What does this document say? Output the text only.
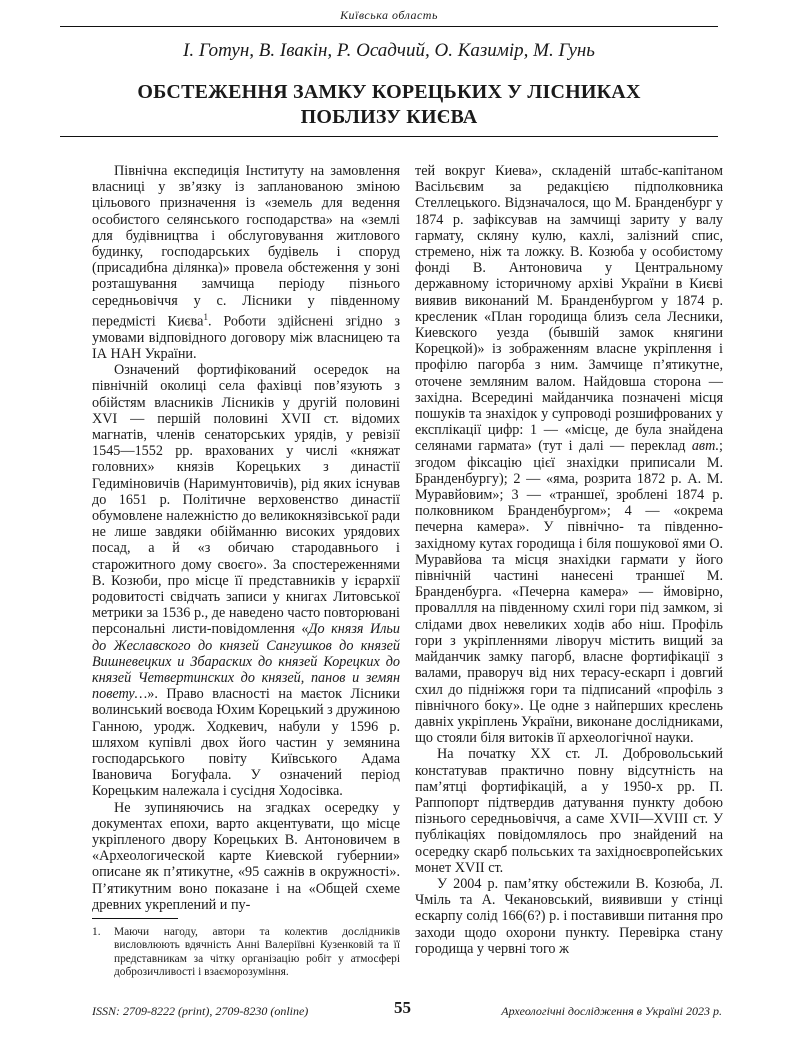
Київська область
І. Готун, В. Івакін, Р. Осадчий, О. Казимір, М. Гунь
ОБСТЕЖЕННЯ ЗАМКУ КОРЕЦЬКИХ У ЛІСНИКАХ
ПОБЛИЗУ КИЄВА

Північна експедиція Інституту на замовлення власниці у зв’язку із запланованою зміною цільового призначення із «земель для ведення особистого селянського господарства» на «землі для будівництва і обслуговування житлового будинку, господарських будівель і споруд (присадибна ділянка)» провела обстеження у зоні розташування замчища періоду пізнього середньовіччя у с. Лісники у південному передмісті Києва$^1$. Роботи здійснені згідно з умовами відповідного договору між власницею та ІА НАН України.

Означений фортифікований осередок на північній околиці села фахівці пов’язують з обійстям власників Лісників у другій половині XVI — першій половині XVII ст. відомих магнатів, членів сенаторських урядів, у ревізії 1545—1552 рр. врахованих у числі «княжат головних» князів Корецьких з династії Гедиміновичів (Наримунтовичів), рід яких існував до 1651 р. Політичне верховенство династії обумовлене належністю до великокнязівської ради не лише завдяки обійманню високих урядових посад, а й «з обичаю стародавнього і старожитного дому своєго». За спостереженнями В. Козюби, про місце її представників у ієрархії родовитості свідчать записи у книгах Литовської метрики за 1536 р., де наведено часто повторювані персональні листи-повідомлення «До князя Ильи до Жеславского до князей Сангушков до князей Вишневецких и Збараских до князей Корецких до князей Четвертинских до князей, панов и земян повету…». Право власності на маєток Лісники волинський воєвода Юхим Корецький з дружиною Ганною, уродж. Ходкевич, набули у 1596 р. шляхом купівлі двох його частин у земянина господарського повіту Київського Адама Івановича Богуфала. У означений період Корецьким належала і сусідня Ходосівка.

Не зупиняючись на згадках осередку у документах епохи, варто акцентувати, що місце укріпленого двору Корецьких В. Антоновичем в «Археологической карте Киевской губернии» описане як п’ятикутне, «95 сажнів в окружності». П’ятикутним воно показане і на «Общей схеме древних укреплений и пу-

тей вокруг Киева», складеній штабс-капітаном Васільєвим за редакцією підполковника Стеллецького. Відзначалося, що М. Бранденбург у 1874 р. зафіксував на замчищі зариту у валу гармату, скляну кулю, кахлі, залізний спис, стремено, ніж та ложку. В. Козюба у особистому фонді В. Антоновича у Центральному державному історичному архіві України в Києві виявив виконаний М. Бранденбургом у 1874 р. кресленик «План городища близъ села Лесники, Киевского уезда (бывшій замок княгини Корецкой)» із зображенням власне укріплення і профілю пагорба з ним. Замчище п’ятикутне, оточене земляним валом. Найдовша сторона — західна. Всередині майданчика позначені місця пошуків та знахідок у супроводі розшифрованих у експлікації цифр: 1 — «місце, де була знайдена селянами гармата» (тут і далі — переклад авт.; згодом фіксацію цієї знахідки приписали М. Бранденбургу); 2 — «яма, розрита 1872 р. А. М. Муравйовим»; 3 — «траншеї, зроблені 1874 р. полковником Бранденбургом»; 4 — «окрема печерна камера». У північно- та південно-західному кутах городища і біля пошукової ями О. Муравйова та місця знахідки гармати у його північній частині нанесені траншеї М. Бранденбурга. «Печерна камера» — ймовірно, проваллля на південному схилі гори під замком, зі слідами двох невеликих ходів або ніш. Профіль гори з укріпленнями ліворуч містить вищий за майданчик замку пагорб, власне фортифікації з валами, праворуч від них терасу-ескарп і довгий схил до підніжжя гори та підписаний «профіль з північного боку». Це одне з найперших креслень давніх укріплень України, виконане дослідниками, що стояли біля витоків її археологічної науки.

На початку XX ст. Л. Добровольський констатував практично повну відсутність на пам’ятці фортифікацій, а у 1950-х рр. П. Раппопорт підтвердив датування пункту добою пізнього середньовіччя, а саме XVII—XVIII ст. У публікаціях повідомлялось про знайдений на осередку скарб польських та західноєвропейських монет XVII ст.

У 2004 р. пам’ятку обстежили В. Козюба, Л. Чміль та А. Чекановський, виявивши у стінці ескарпу солід 166(6?) р. і поставивши питання про заходи щодо охорони пункту. Перевірка стану городища у червні того ж

1.	Маючи нагоду, автори та колектив дослідників висловлюють вдячність Анні Валеріївні Кузенковій та її представникам за чітку організацію робіт у атмосфері доброзичливості і взаєморозуміння.
ISSN: 2709-8222 (print), 2709-8230 (online)	55	Археологічні дослідження в Україні 2023 р.
